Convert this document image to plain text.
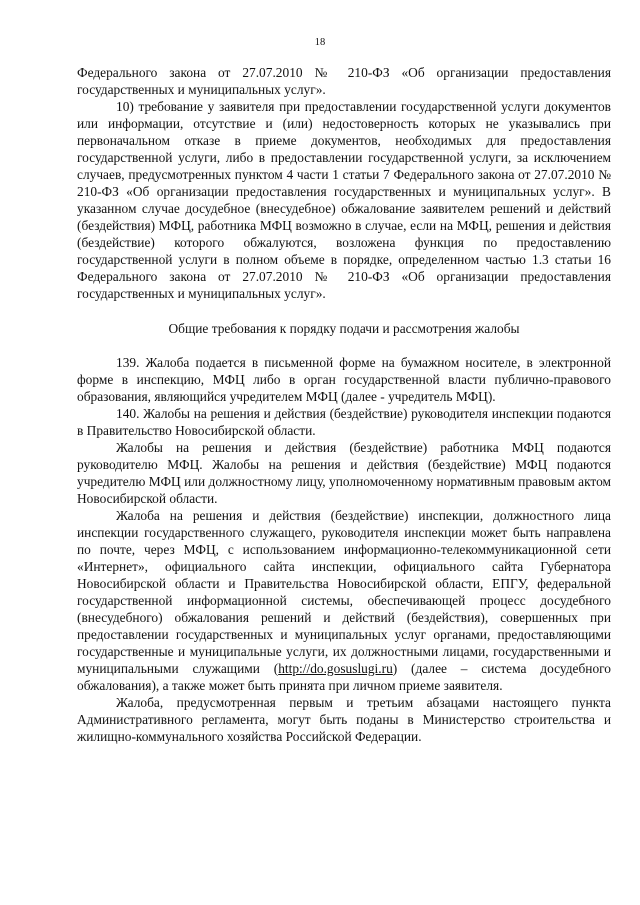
18

Федерального закона от 27.07.2010 № 210-ФЗ «Об организации предоставления государственных и муниципальных услуг».

10) требование у заявителя при предоставлении государственной услуги документов или информации, отсутствие и (или) недостоверность которых не указывались при первоначальном отказе в приеме документов, необходимых для предоставления государственной услуги, либо в предоставлении государственной услуги, за исключением случаев, предусмотренных пунктом 4 части 1 статьи 7 Федерального закона от 27.07.2010 № 210-ФЗ «Об организации предоставления государственных и муниципальных услуг». В указанном случае досудебное (внесудебное) обжалование заявителем решений и действий (бездействия) МФЦ, работника МФЦ возможно в случае, если на МФЦ, решения и действия (бездействие) которого обжалуются, возложена функция по предоставлению государственной услуги в полном объеме в порядке, определенном частью 1.3 статьи 16 Федерального закона от 27.07.2010 № 210-ФЗ «Об организации предоставления государственных и муниципальных услуг».

Общие требования к порядку подачи и рассмотрения жалобы

139. Жалоба подается в письменной форме на бумажном носителе, в электронной форме в инспекцию, МФЦ либо в орган государственной власти публично-правового образования, являющийся учредителем МФЦ (далее - учредитель МФЦ).

140. Жалобы на решения и действия (бездействие) руководителя инспекции подаются в Правительство Новосибирской области.

Жалобы на решения и действия (бездействие) работника МФЦ подаются руководителю МФЦ. Жалобы на решения и действия (бездействие) МФЦ подаются учредителю МФЦ или должностному лицу, уполномоченному нормативным правовым актом Новосибирской области.

Жалоба на решения и действия (бездействие) инспекции, должностного лица инспекции государственного служащего, руководителя инспекции может быть направлена по почте, через МФЦ, с использованием информационно-телекоммуникационной сети «Интернет», официального сайта инспекции, официального сайта Губернатора Новосибирской области и Правительства Новосибирской области, ЕПГУ, федеральной государственной информационной системы, обеспечивающей процесс досудебного (внесудебного) обжалования решений и действий (бездействия), совершенных при предоставлении государственных и муниципальных услуг органами, предоставляющими государственные и муниципальные услуги, их должностными лицами, государственными и муниципальными служащими (http://do.gosuslugi.ru) (далее – система досудебного обжалования), а также может быть принята при личном приеме заявителя.

Жалоба, предусмотренная первым и третьим абзацами настоящего пункта Административного регламента, могут быть поданы в Министерство строительства и жилищно-коммунального хозяйства Российской Федерации.
